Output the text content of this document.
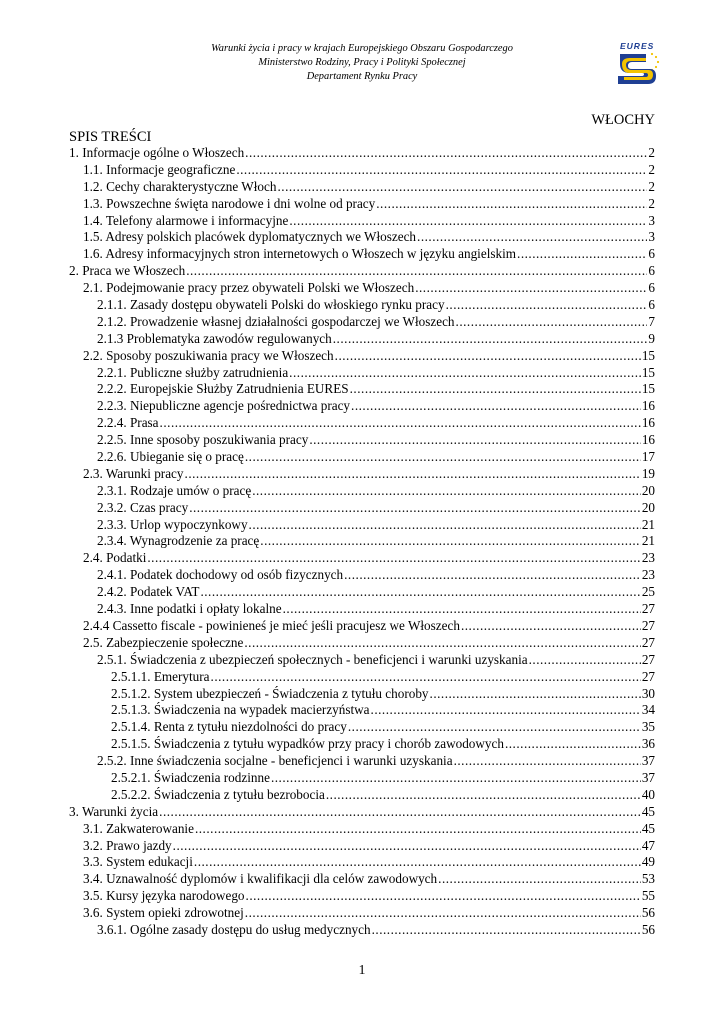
Warunki życia i pracy w krajach Europejskiego Obszaru Gospodarczego
Ministerstwo Rodziny, Pracy i Polityki Społecznej
Departament Rynku Pracy
EURES
WŁOCHY
SPIS TREŚCI
1. Informacje ogólne o Włoszech .....	2
1.1. Informacje geograficzne .....	2
1.2. Cechy charakterystyczne Włoch .....	2
1.3. Powszechne święta narodowe i dni wolne od pracy .....	2
1.4. Telefony alarmowe i informacyjne .....	3
1.5. Adresy polskich placówek dyplomatycznych we Włoszech .....	3
1.6. Adresy informacyjnych stron internetowych o Włoszech w języku angielskim .....	6
2. Praca we Włoszech .....	6
2.1. Podejmowanie pracy przez obywateli Polski we Włoszech .....	6
2.1.1. Zasady dostępu obywateli Polski do włoskiego rynku pracy .....	6
2.1.2. Prowadzenie własnej działalności gospodarczej we Włoszech .....	7
2.1.3 Problematyka zawodów regulowanych .....	9
2.2. Sposoby poszukiwania pracy we Włoszech .....	15
2.2.1. Publiczne służby zatrudnienia .....	15
2.2.2. Europejskie Służby Zatrudnienia EURES .....	15
2.2.3. Niepubliczne agencje pośrednictwa pracy .....	16
2.2.4. Prasa .....	16
2.2.5. Inne sposoby poszukiwania pracy .....	16
2.2.6. Ubieganie się o pracę .....	17
2.3. Warunki pracy .....	19
2.3.1. Rodzaje umów o pracę .....	20
2.3.2. Czas pracy .....	20
2.3.3. Urlop wypoczynkowy .....	21
2.3.4. Wynagrodzenie za pracę .....	21
2.4. Podatki .....	23
2.4.1. Podatek dochodowy od osób fizycznych .....	23
2.4.2. Podatek VAT .....	25
2.4.3. Inne podatki i opłaty lokalne .....	27
2.4.4 Cassetto fiscale - powinieneś je mieć jeśli pracujesz we Włoszech .....	27
2.5. Zabezpieczenie społeczne .....	27
2.5.1. Świadczenia z ubezpieczeń społecznych - beneficjenci i warunki uzyskania .....	27
2.5.1.1. Emerytura .....	27
2.5.1.2. System ubezpieczeń - Świadczenia z tytułu choroby .....	30
2.5.1.3. Świadczenia na wypadek macierzyństwa .....	34
2.5.1.4. Renta z tytułu niezdolności do pracy .....	35
2.5.1.5. Świadczenia z tytułu wypadków przy pracy i chorób zawodowych .....	36
2.5.2. Inne świadczenia socjalne - beneficjenci i warunki uzyskania .....	37
2.5.2.1. Świadczenia rodzinne .....	37
2.5.2.2. Świadczenia z tytułu bezrobocia .....	40
3. Warunki życia .....	45
3.1. Zakwaterowanie .....	45
3.2. Prawo jazdy .....	47
3.3. System edukacji .....	49
3.4. Uznawalność dyplomów i kwalifikacji dla celów zawodowych .....	53
3.5. Kursy języka narodowego .....	55
3.6. System opieki zdrowotnej .....	56
3.6.1. Ogólne zasady dostępu do usług medycznych .....	56
1
